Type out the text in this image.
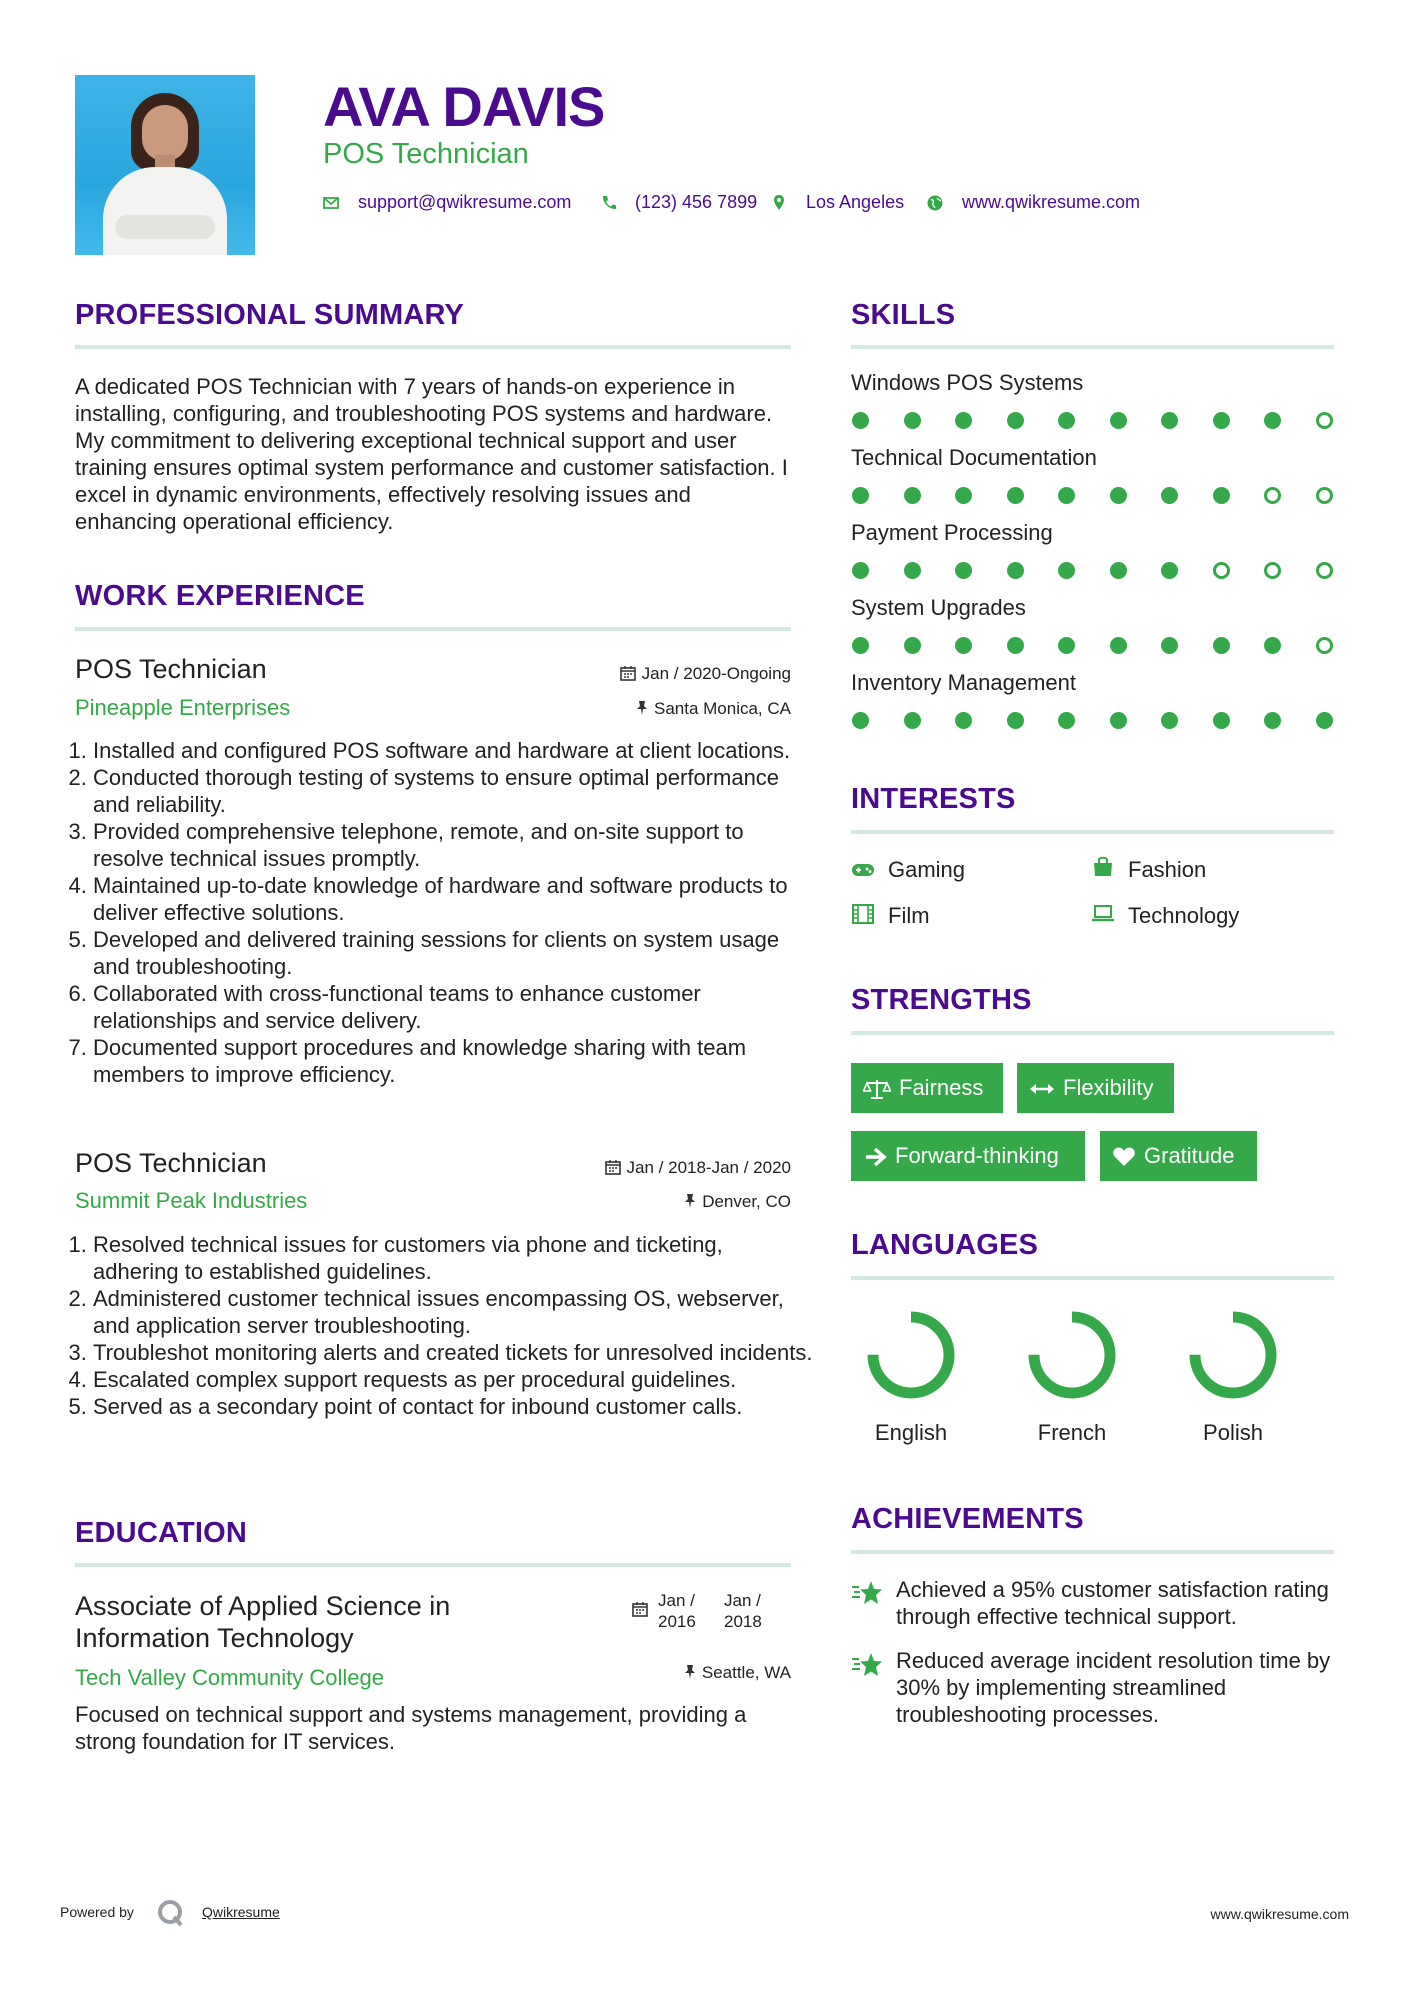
AVA DAVIS
POS Technician
support@qwikresume.com	(123) 456 7899	Los Angeles	www.qwikresume.com
PROFESSIONAL SUMMARY
A dedicated POS Technician with 7 years of hands-on experience in installing, configuring, and troubleshooting POS systems and hardware. My commitment to delivering exceptional technical support and user training ensures optimal system performance and customer satisfaction. I excel in dynamic environments, effectively resolving issues and enhancing operational efficiency.
WORK EXPERIENCE
POS Technician
Pineapple Enterprises
Jan / 2020-Ongoing
Santa Monica, CA
1. Installed and configured POS software and hardware at client locations.
2. Conducted thorough testing of systems to ensure optimal performance and reliability.
3. Provided comprehensive telephone, remote, and on-site support to resolve technical issues promptly.
4. Maintained up-to-date knowledge of hardware and software products to deliver effective solutions.
5. Developed and delivered training sessions for clients on system usage and troubleshooting.
6. Collaborated with cross-functional teams to enhance customer relationships and service delivery.
7. Documented support procedures and knowledge sharing with team members to improve efficiency.
POS Technician
Summit Peak Industries
Jan / 2018-Jan / 2020
Denver, CO
1. Resolved technical issues for customers via phone and ticketing, adhering to established guidelines.
2. Administered customer technical issues encompassing OS, webserver, and application server troubleshooting.
3. Troubleshot monitoring alerts and created tickets for unresolved incidents.
4. Escalated complex support requests as per procedural guidelines.
5. Served as a secondary point of contact for inbound customer calls.
EDUCATION
Associate of Applied Science in Information Technology
Tech Valley Community College
Jan /
2016
Jan /
2018
Seattle, WA
Focused on technical support and systems management, providing a strong foundation for IT services.
SKILLS
Windows POS Systems
Technical Documentation
Payment Processing
System Upgrades
Inventory Management
INTERESTS
Gaming	Fashion
Film	Technology
STRENGTHS
Fairness	Flexibility
Forward-thinking	Gratitude
LANGUAGES
English	French	Polish
ACHIEVEMENTS
Achieved a 95% customer satisfaction rating through effective technical support.
Reduced average incident resolution time by 30% by implementing streamlined troubleshooting processes.
Powered by	Qwikresume	www.qwikresume.com
